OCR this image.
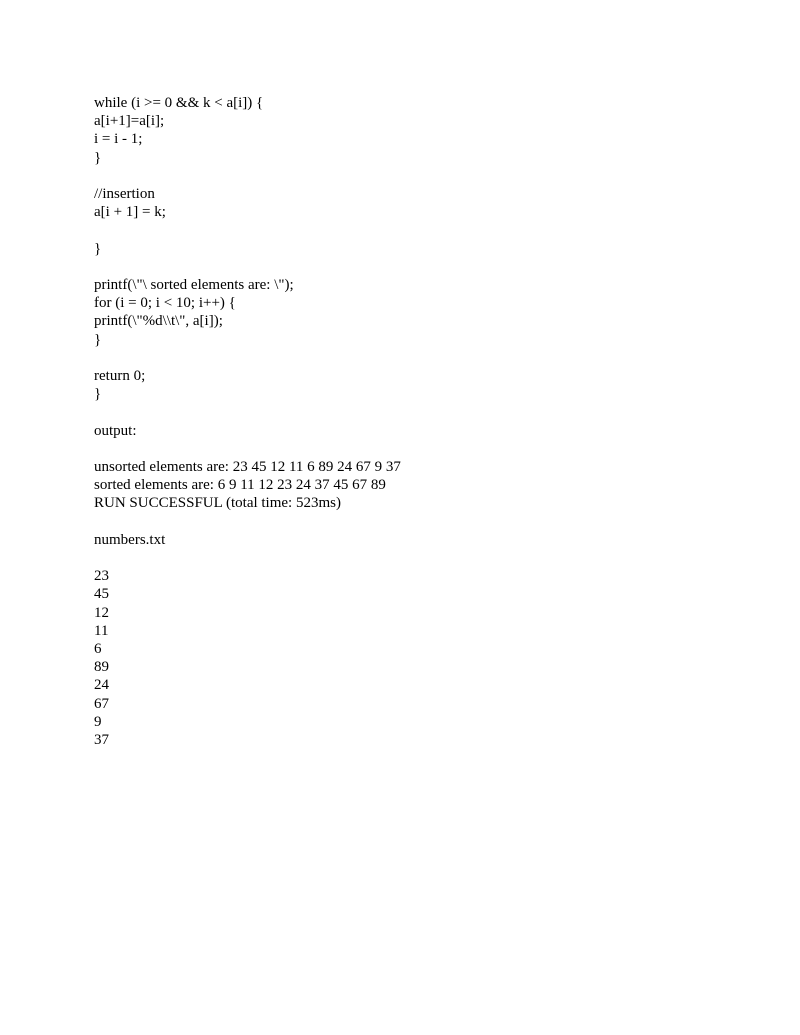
while (i >= 0 && k < a[i]) {
a[i+1]=a[i];
i = i - 1;
}
//insertion
a[i + 1] = k;
}
printf(\"\ sorted elements are: \");
for (i = 0; i < 10; i++) {
printf(\"%d\\t\", a[i]);
}
return 0;
}
output:
unsorted elements are: 23 45 12 11 6 89 24 67 9 37
sorted elements are: 6 9 11 12 23 24 37 45 67 89
RUN SUCCESSFUL (total time: 523ms)
numbers.txt
23
45
12
11
6
89
24
67
9
37
